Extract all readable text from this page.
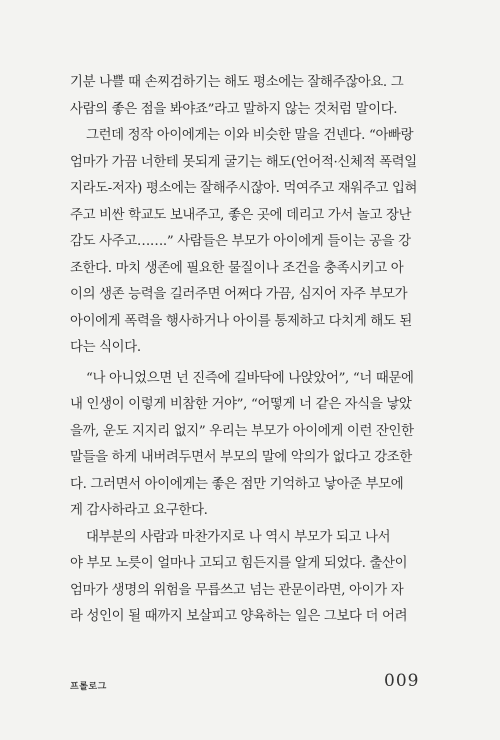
기분 나쁠 때 손찌검하기는 해도 평소에는 잘해주잖아요. 그
사람의 좋은 점을 봐야죠”라고 말하지 않는 것처럼 말이다.
그런데 정작 아이에게는 이와 비슷한 말을 건넨다. “아빠랑
엄마가 가끔 너한테 못되게 굴기는 해도(언어적·신체적 폭력일
지라도-저자) 평소에는 잘해주시잖아. 먹여주고 재워주고 입혀
주고 비싼 학교도 보내주고, 좋은 곳에 데리고 가서 놀고 장난
감도 사주고…….” 사람들은 부모가 아이에게 들이는 공을 강
조한다. 마치 생존에 필요한 물질이나 조건을 충족시키고 아
이의 생존 능력을 길러주면 어쩌다 가끔, 심지어 자주 부모가
아이에게 폭력을 행사하거나 아이를 통제하고 다치게 해도 된
다는 식이다.
“나 아니었으면 넌 진즉에 길바닥에 나앉았어”, “너 때문에
내 인생이 이렇게 비참한 거야”, “어떻게 너 같은 자식을 낳았
을까, 운도 지지리 없지” 우리는 부모가 아이에게 이런 잔인한
말들을 하게 내버려두면서 부모의 말에 악의가 없다고 강조한
다. 그러면서 아이에게는 좋은 점만 기억하고 낳아준 부모에
게 감사하라고 요구한다.
대부분의 사람과 마찬가지로 나 역시 부모가 되고 나서
야 부모 노릇이 얼마나 고되고 힘든지를 알게 되었다. 출산이
엄마가 생명의 위험을 무릅쓰고 넘는 관문이라면, 아이가 자
라 성인이 될 때까지 보살피고 양육하는 일은 그보다 더 어려
프롤로그	009
